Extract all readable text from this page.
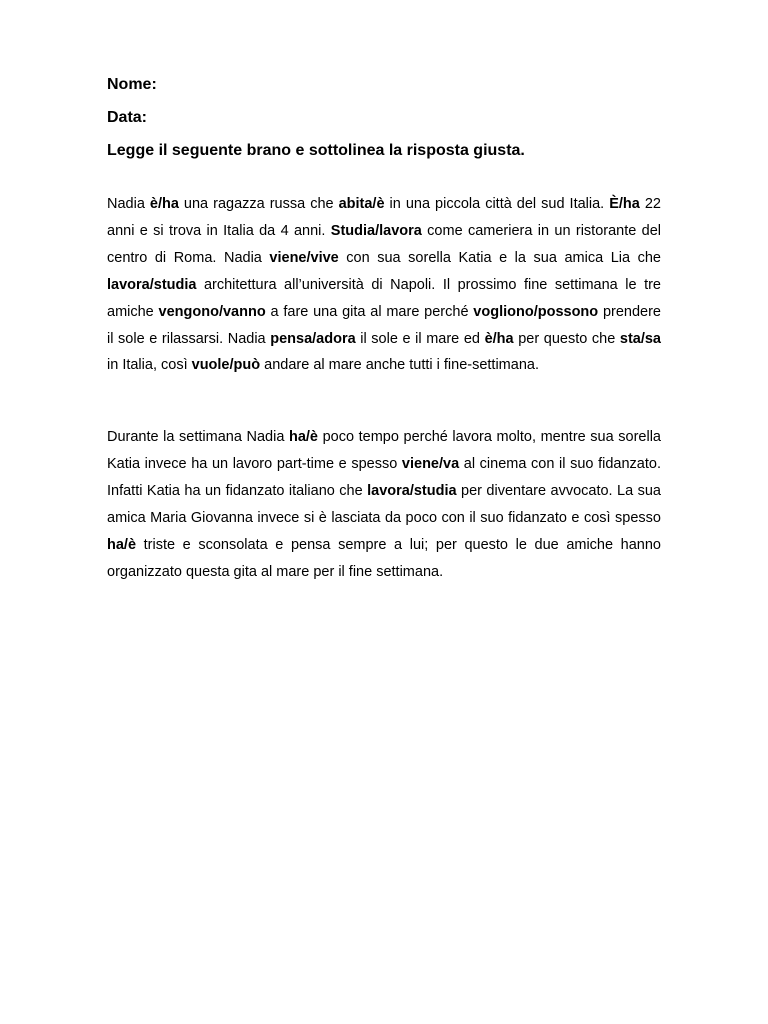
Nome:

Data:

Legge il seguente brano e sottolinea la risposta giusta.

Nadia è/ha una ragazza russa che abita/è in una piccola città del sud Italia. È/ha 22 anni e si trova in Italia da 4 anni. Studia/lavora come cameriera in un ristorante del centro di Roma. Nadia viene/vive con sua sorella Katia e la sua amica Lia che lavora/studia architettura all’università di Napoli. Il prossimo fine settimana le tre amiche vengono/vanno a fare una gita al mare perché vogliono/possono prendere il sole e rilassarsi. Nadia pensa/adora il sole e il mare ed è/ha per questo che sta/sa in Italia, così vuole/può andare al mare anche tutti i fine-settimana.

Durante la settimana Nadia ha/è poco tempo perché lavora molto, mentre sua sorella Katia invece ha un lavoro part-time e spesso viene/va al cinema con il suo fidanzato. Infatti Katia ha un fidanzato italiano che lavora/studia per diventare avvocato. La sua amica Maria Giovanna invece si è lasciata da poco con il suo fidanzato e così spesso ha/è triste e sconsolata e pensa sempre a lui; per questo le due amiche hanno organizzato questa gita al mare per il fine settimana.
